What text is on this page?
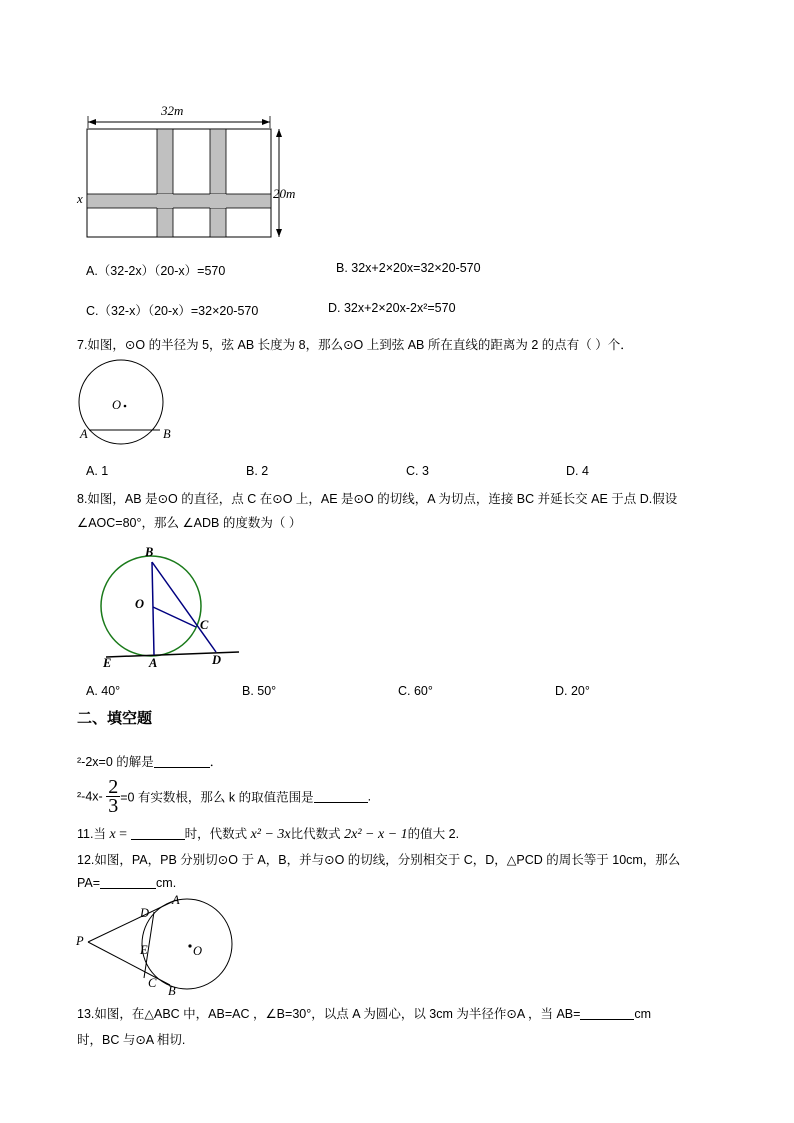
32m
20m
x
A.（32-2x）（20-x）=570	B. 32x+2×20x=32×20-570
C.（32-x）（20-x）=32×20-570	D. 32x+2×20x-2x²=570
7.如图，⊙O 的半径为 5，弦 AB 长度为 8，那么⊙O 上到弦 AB 所在直线的距离为 2 的点有（ ）个．
O
A	B
A. 1	B. 2	C. 3	D. 4
8.如图，AB 是⊙O 的直径，点 C 在⊙O 上，AE 是⊙O 的切线，A 为切点，连接 BC 并延长交 AE 于点 D.假设
∠AOC=80°，那么 ∠ADB 的度数为（ ）
B
O
C
E	A	D
A. 40°	B. 50°	C. 60°	D. 20°
二、填空题
²-2x=0 的解是	．
$^2-4x- \frac{2}{3} =0$ 有实数根，那么 k 的取值范围是	.
11.当 x =	时，代数式 x² − 3x比代数式 2x² − x − 1的值大 2.
12.如图，PA，PB 分别切⊙O 于 A，B，并与⊙O 的切线，分别相交于 C，D，△PCD 的周长等于 10cm，那么
PA=	cm.
P
D
A
E	O
C
B
13.如图，在△ABC 中，AB=AC ，∠B=30°，以点 A 为圆心，以 3cm 为半径作⊙A ，当 AB=	cm
时，BC 与⊙A 相切.
